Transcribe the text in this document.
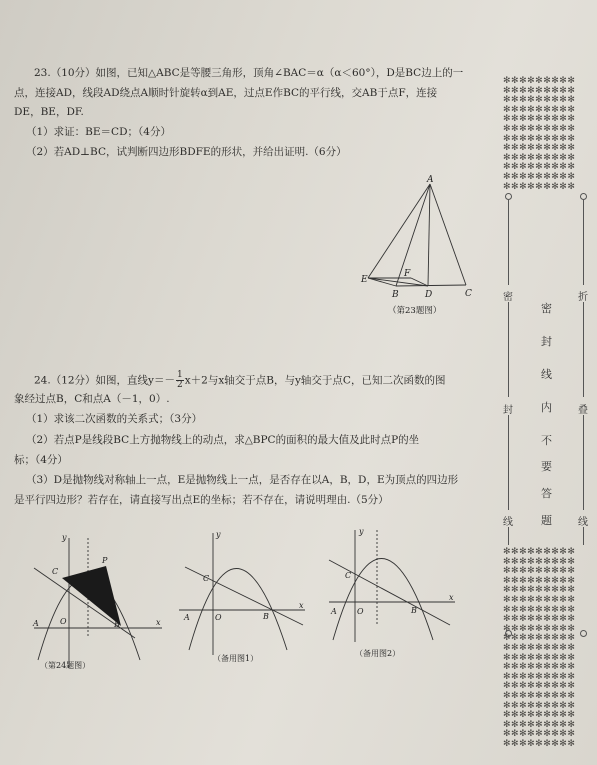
23.（10分）如图，已知△ABC是等腰三角形，顶角∠BAC＝α（α＜60°），D是BC边上的一
点，连接AD，线段AD绕点A顺时针旋转α到AE，过点E作BC的平行线，交AB于点F，连接
DE，BE，DF.
（1）求证：BE＝CD；（4分）
（2）若AD⊥BC，试判断四边形BDFE的形状，并给出证明.（6分）
A
E
F
B	D	C
（第23题图）
24.（12分）如图，直线$y=- \frac{1}{2} x+2$与x轴交于点B，与y轴交于点C，已知二次函数的图
象经过点B，C和点A（－1，0）.
（1）求该二次函数的关系式；（3分）
（2）若点P是线段BC上方抛物线上的动点，求△BPC的面积的最大值及此时点P的坐
标；（4分）
（3）D是抛物线对称轴上一点，E是抛物线上一点，是否存在以A，B，D，E为顶点的四边形
是平行四边形？若存在，请直接写出点E的坐标；若不存在，请说明理由.（5分）
y
x
A	O	B
C
P
（第24题图）
y
x
A	O	B
C
（备用图1）
y
x
A	O	B
C
（备用图2）
✻✻✻✻✻✻✻✻✻
✻✻✻✻✻✻✻✻✻
✻✻✻✻✻✻✻✻✻
✻✻✻✻✻✻✻✻✻
✻✻✻✻✻✻✻✻✻
✻✻✻✻✻✻✻✻✻
✻✻✻✻✻✻✻✻✻
✻✻✻✻✻✻✻✻✻
✻✻✻✻✻✻✻✻✻
✻✻✻✻✻✻✻✻✻
✻✻✻✻✻✻✻✻✻
✻✻✻✻✻✻✻✻✻
✻✻✻✻✻✻✻✻✻
✻✻✻✻✻✻✻✻✻
✻✻✻✻✻✻✻✻✻
✻✻✻✻✻✻✻✻✻
✻✻✻✻✻✻✻✻✻
✻✻✻✻✻✻✻✻✻
✻✻✻✻✻✻✻✻✻
✻✻✻✻✻✻✻✻✻
✻✻✻✻✻✻✻✻✻
✻✻✻✻✻✻✻✻✻
✻✻✻✻✻✻✻✻✻
✻✻✻✻✻✻✻✻✻
✻✻✻✻✻✻✻✻✻
✻✻✻✻✻✻✻✻✻
✻✻✻✻✻✻✻✻✻
✻✻✻✻✻✻✻✻✻
✻✻✻✻✻✻✻✻✻
✻✻✻✻✻✻✻✻✻
✻✻✻✻✻✻✻✻✻
✻✻✻✻✻✻✻✻✻
✻✻✻✻✻✻✻✻✻
密
封
线
折
叠
线
密
封
线
内
不
要
答
题
